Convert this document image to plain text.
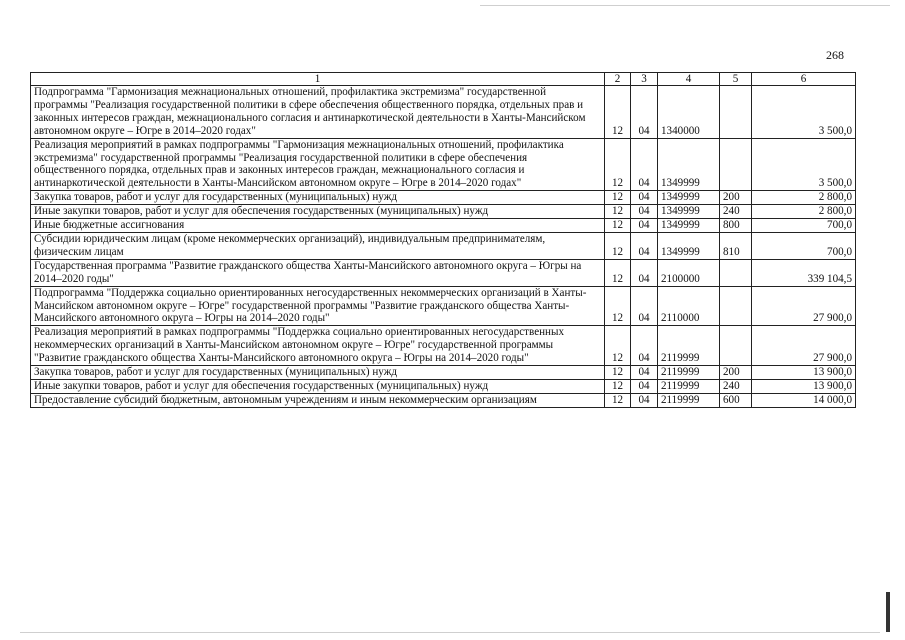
268
1	2	3	4	5	6
Подпрограмма "Гармонизация межнациональных отношений, профилактика экстремизма" государственной программы "Реализация государственной политики в сфере обеспечения общественного порядка, отдельных прав и законных интересов граждан, межнационального согласия и антинаркотической деятельности в Ханты-Мансийском автономном округе – Югре в 2014–2020 годах"	12	04	1340000		3 500,0
Реализация мероприятий в рамках подпрограммы "Гармонизация межнациональных отношений, профилактика экстремизма" государственной программы "Реализация государственной политики в сфере обеспечения общественного порядка, отдельных прав и законных интересов граждан, межнационального согласия и антинаркотической деятельности в Ханты-Мансийском автономном округе – Югре в 2014–2020 годах"	12	04	1349999		3 500,0
Закупка товаров, работ и услуг для государственных (муниципальных) нужд	12	04	1349999	200	2 800,0
Иные закупки товаров, работ и услуг для обеспечения государственных (муниципальных) нужд	12	04	1349999	240	2 800,0
Иные бюджетные ассигнования	12	04	1349999	800	700,0
Субсидии юридическим лицам (кроме некоммерческих организаций), индивидуальным предпринимателям, физическим лицам	12	04	1349999	810	700,0
Государственная программа "Развитие гражданского общества Ханты-Мансийского автономного округа – Югры на 2014–2020 годы"	12	04	2100000		339 104,5
Подпрограмма "Поддержка социально ориентированных негосударственных некоммерческих организаций в Ханты-Мансийском автономном округе – Югре" государственной программы "Развитие гражданского общества Ханты-Мансийского автономного округа – Югры на 2014–2020 годы"	12	04	2110000		27 900,0
Реализация мероприятий в рамках подпрограммы "Поддержка социально ориентированных негосударственных некоммерческих организаций в Ханты-Мансийском автономном округе – Югре" государственной программы "Развитие гражданского общества Ханты-Мансийского автономного округа – Югры на 2014–2020 годы"	12	04	2119999		27 900,0
Закупка товаров, работ и услуг для государственных (муниципальных) нужд	12	04	2119999	200	13 900,0
Иные закупки товаров, работ и услуг для обеспечения государственных (муниципальных) нужд	12	04	2119999	240	13 900,0
Предоставление субсидий бюджетным, автономным учреждениям и иным некоммерческим организациям	12	04	2119999	600	14 000,0
